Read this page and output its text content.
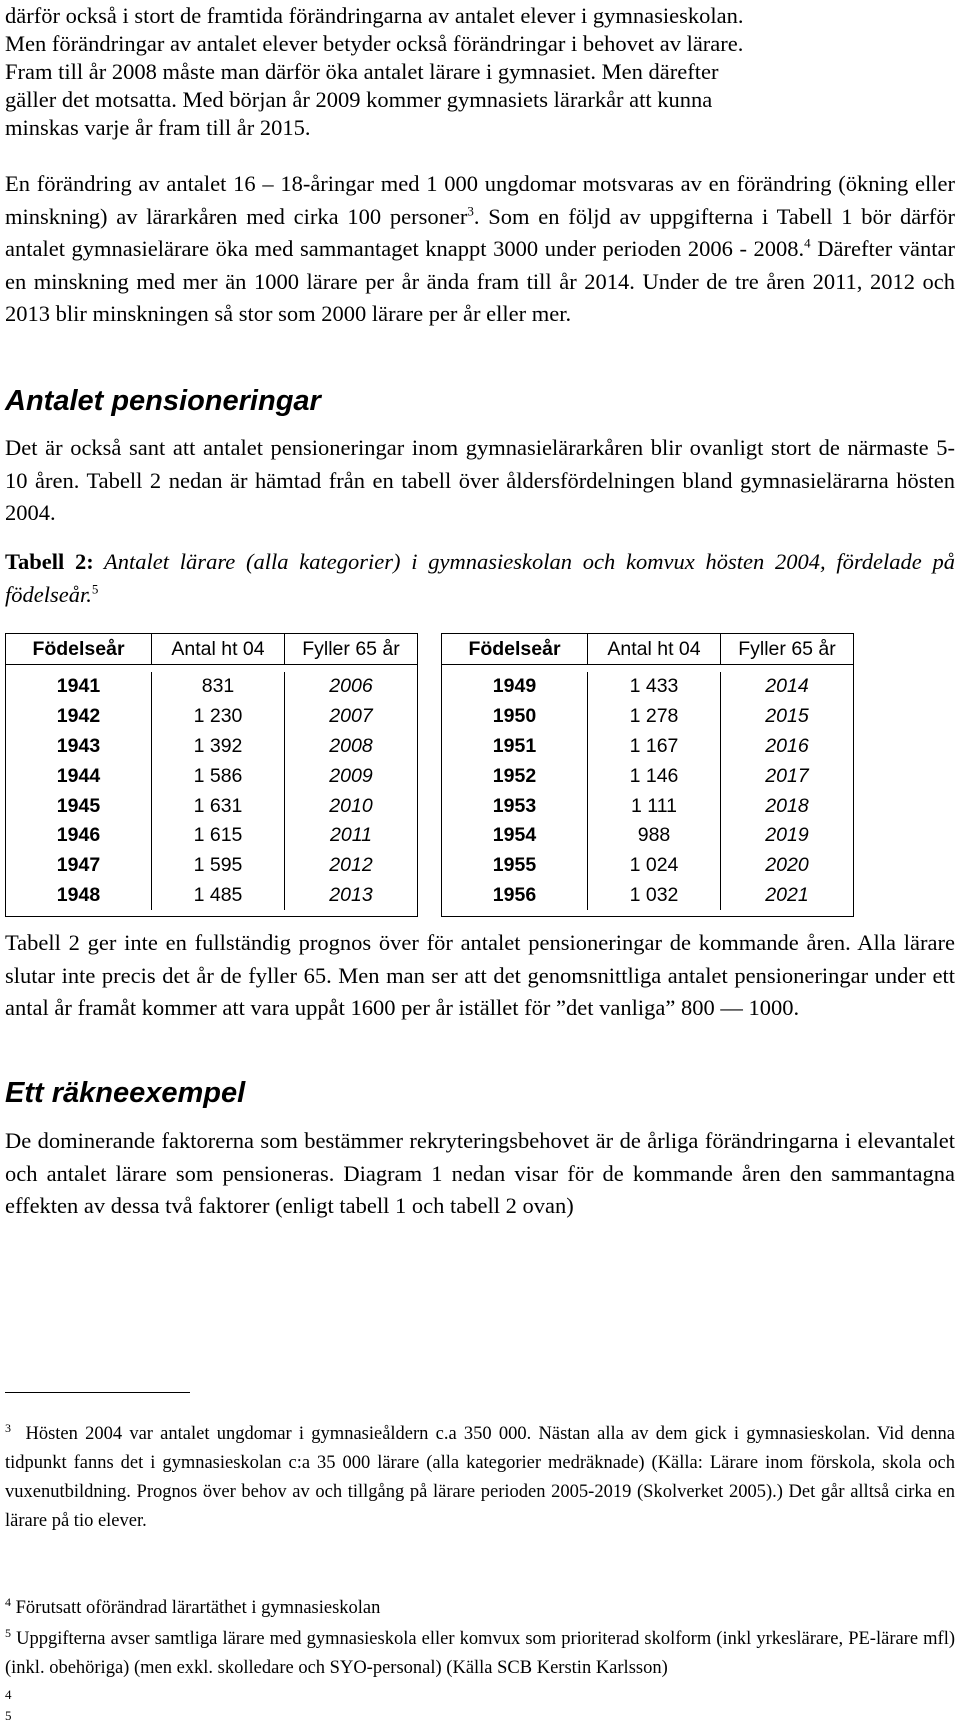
därför också i stort de framtida förändringarna av antalet elever i gymnasieskolan.
Men förändringar av antalet elever betyder också förändringar i behovet av lärare.
Fram till år 2008 måste man därför öka antalet lärare i gymnasiet. Men därefter
gäller det motsatta. Med början år 2009 kommer gymnasiets lärarkår att kunna
minskas varje år fram till år 2015.

En förändring av antalet 16 – 18-åringar med 1 000 ungdomar motsvaras av en förändring (ökning eller minskning) av lärarkåren med cirka 100 personer$^3$. Som en följd av uppgifterna i Tabell 1 bör därför antalet gymnasielärare öka med sammantaget knappt 3000 under perioden 2006 - 2008.$^4$ Därefter väntar en minskning med mer än 1000 lärare per år ända fram till år 2014. Under de tre åren 2011, 2012 och 2013 blir minskningen så stor som 2000 lärare per år eller mer.

Antalet pensioneringar

Det är också sant att antalet pensioneringar inom gymnasielärarkåren blir ovanligt stort de närmaste 5- 10 åren. Tabell 2 nedan är hämtad från en tabell över åldersfördelningen bland gymnasielärarna hösten 2004.

Tabell 2: Antalet lärare (alla kategorier) i gymnasieskolan och komvux hösten 2004, fördelade på födelseår.$^5$

Födelseår	Antal ht 04	Fyller 65 år
1941	831	2006
1942	1 230	2007
1943	1 392	2008
1944	1 586	2009
1945	1 631	2010
1946	1 615	2011
1947	1 595	2012
1948	1 485	2013
Födelseår	Antal ht 04	Fyller 65 år
1949	1 433	2014
1950	1 278	2015
1951	1 167	2016
1952	1 146	2017
1953	1 111	2018
1954	988	2019
1955	1 024	2020
1956	1 032	2021

Tabell 2 ger inte en fullständig prognos över för antalet pensioneringar de kommande åren. Alla lärare slutar inte precis det år de fyller 65. Men man ser att det genomsnittliga antalet pensioneringar under ett antal år framåt kommer att vara uppåt 1600 per år istället för ”det vanliga” 800 — 1000.

Ett räkneexempel

De dominerande faktorerna som bestämmer rekryteringsbehovet är de årliga förändringarna i elevantalet och antalet lärare som pensioneras. Diagram 1 nedan visar för de kommande åren den sammantagna effekten av dessa två faktorer (enligt tabell 1 och tabell 2 ovan)

$^3$ Hösten 2004 var antalet ungdomar i gymnasieåldern c.a 350 000. Nästan alla av dem gick i gymnasieskolan. Vid denna tidpunkt fanns det i gymnasieskolan c:a 35 000 lärare (alla kategorier medräknade) (Källa: Lärare inom förskola, skola och vuxenutbildning. Prognos över behov av och tillgång på lärare perioden 2005-2019 (Skolverket 2005).) Det går alltså cirka en lärare på tio elever.

$^4$ Förutsatt oförändrad lärartäthet i gymnasieskolan

$^5$ Uppgifterna avser samtliga lärare med gymnasieskola eller komvux som prioriterad skolform (inkl yrkeslärare, PE-lärare mfl) (inkl. obehöriga) (men exkl. skolledare och SYO-personal) (Källa SCB Kerstin Karlsson)

4
5
